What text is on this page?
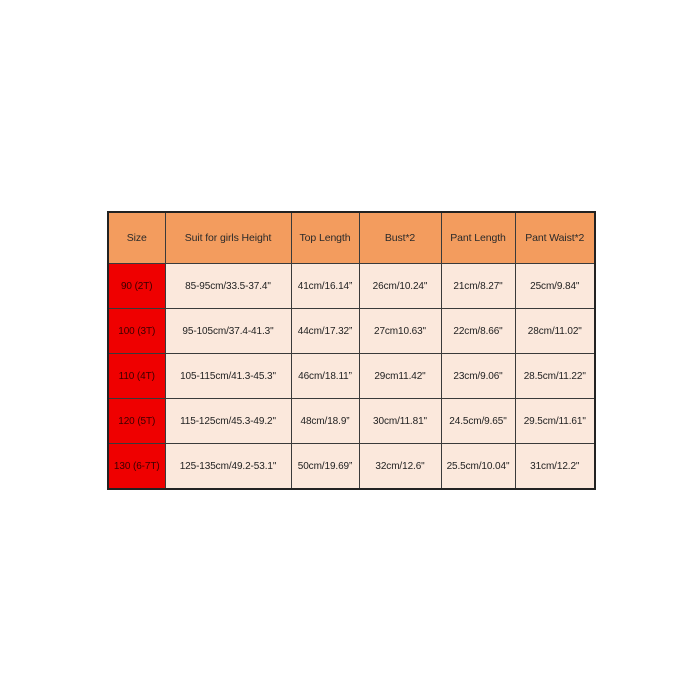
Size	Suit for girls Height	Top Length	Bust*2	Pant Length	Pant Waist*2
90 (2T)	85-95cm/33.5-37.4"	41cm/16.14”	26cm/10.24"	21cm/8.27"	25cm/9.84"
100 (3T)	95-105cm/37.4-41.3"	44cm/17.32”	27cm10.63"	22cm/8.66"	28cm/11.02"
110 (4T)	105-115cm/41.3-45.3"	46cm/18.11”	29cm11.42"	23cm/9.06"	28.5cm/11.22"
120 (5T)	115-125cm/45.3-49.2"	48cm/18.9”	30cm/11.81"	24.5cm/9.65"	29.5cm/11.61"
130 (6-7T)	125-135cm/49.2-53.1"	50cm/19.69”	32cm/12.6"	25.5cm/10.04"	31cm/12.2"
